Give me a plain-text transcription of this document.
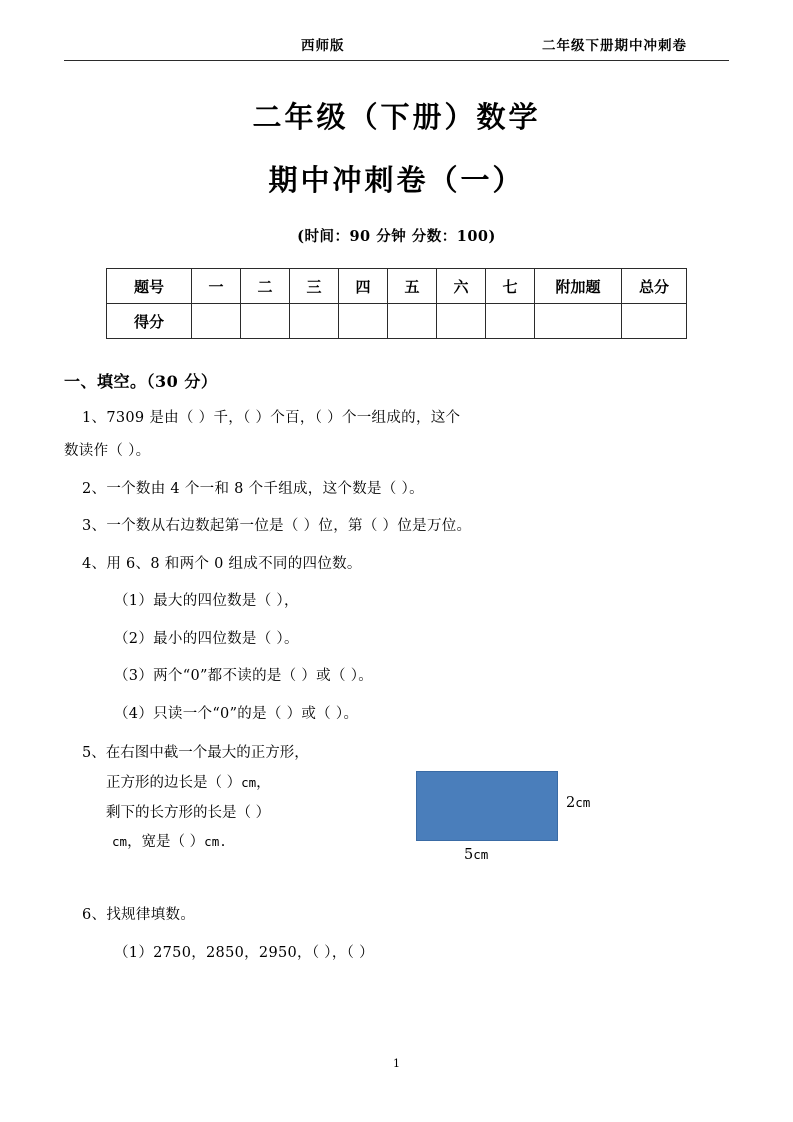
西师版	二年级下册期中冲刺卷
二年级（下册）数学
期中冲刺卷（一）
(时间：90 分钟 分数：100)
题号	一	二	三	四	五	六	七	附加题	总分
得分									
一、填空。（30 分）
1、7309 是由（ ）千，（ ）个百，（ ）个一组成的，这个
数读作（ ）。
2、一个数由 4 个一和 8 个千组成，这个数是（ ）。
3、一个数从右边数起第一位是（ ）位，第（ ）位是万位。
4、用 6、8 和两个 0 组成不同的四位数。
（1）最大的四位数是（ ），
（2）最小的四位数是（ ）。
（3）两个“0”都不读的是（ ）或（ ）。
（4）只读一个“0”的是（ ）或（ ）。
5、在右图中截一个最大的正方形，
正方形的边长是（ ）cm，
剩下的长方形的长是（ ）
cm，宽是（ ）cm.
2cm
5cm
6、找规律填数。
（1）2750，2850，2950，（ ），（ ）
1
